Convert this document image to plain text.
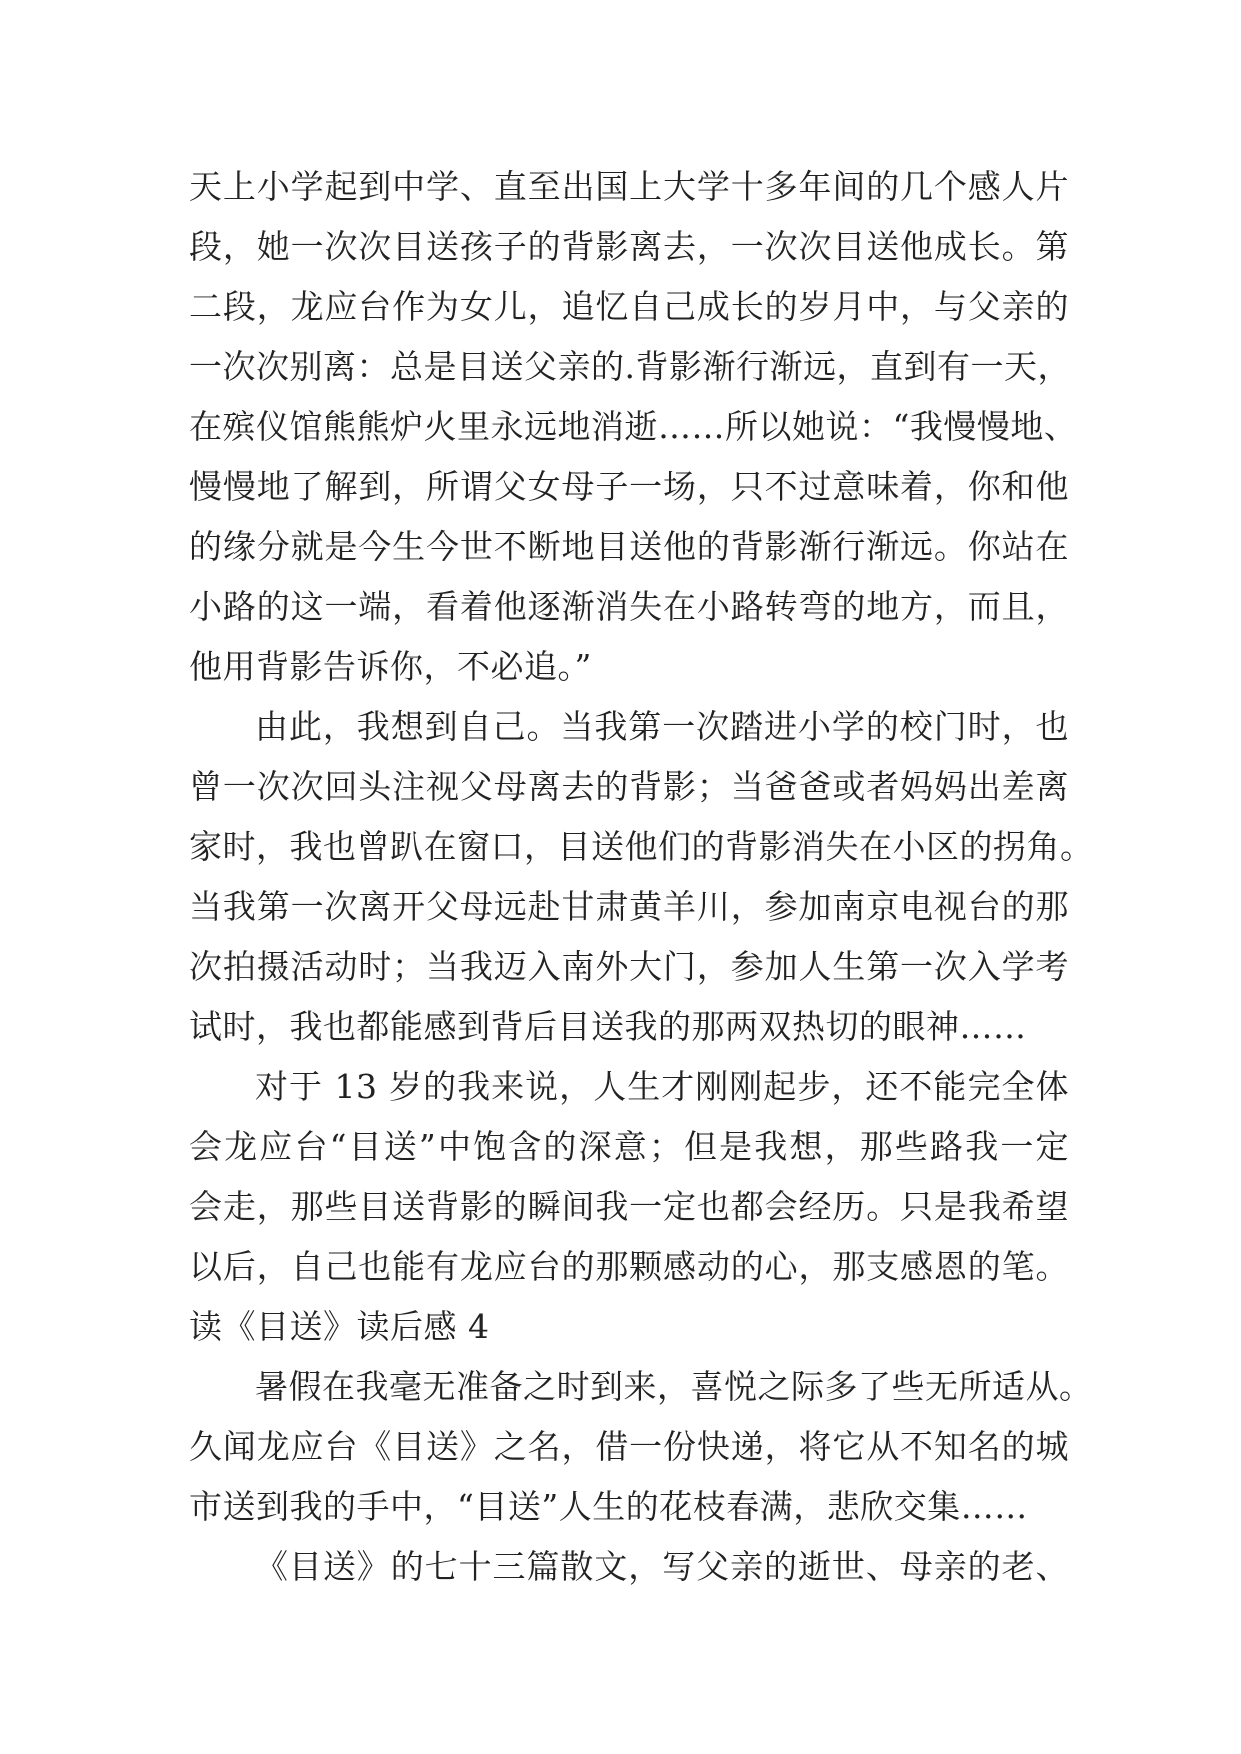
天上小学起到中学、直至出国上大学十多年间的几个感人片
段，她一次次目送孩子的背影离去，一次次目送他成长。第
二段，龙应台作为女儿，追忆自己成长的岁月中，与父亲的
一次次别离：总是目送父亲的.背影渐行渐远，直到有一天，
在殡仪馆熊熊炉火里永远地消逝……所以她说：“我慢慢地、
慢慢地了解到，所谓父女母子一场，只不过意味着，你和他
的缘分就是今生今世不断地目送他的背影渐行渐远。你站在
小路的这一端，看着他逐渐消失在小路转弯的地方，而且，
他用背影告诉你，不必追。”
由此，我想到自己。当我第一次踏进小学的校门时，也
曾一次次回头注视父母离去的背影；当爸爸或者妈妈出差离
家时，我也曾趴在窗口，目送他们的背影消失在小区的拐角。
当我第一次离开父母远赴甘肃黄羊川，参加南京电视台的那
次拍摄活动时；当我迈入南外大门，参加人生第一次入学考
试时，我也都能感到背后目送我的那两双热切的眼神……
对于 13 岁的我来说，人生才刚刚起步，还不能完全体
会龙应台“目送”中饱含的深意；但是我想，那些路我一定
会走，那些目送背影的瞬间我一定也都会经历。只是我希望
以后，自己也能有龙应台的那颗感动的心，那支感恩的笔。
读《目送》读后感 4
暑假在我毫无准备之时到来，喜悦之际多了些无所适从。
久闻龙应台《目送》之名，借一份快递，将它从不知名的城
市送到我的手中，“目送”人生的花枝春满，悲欣交集……
《目送》的七十三篇散文，写父亲的逝世、母亲的老、
